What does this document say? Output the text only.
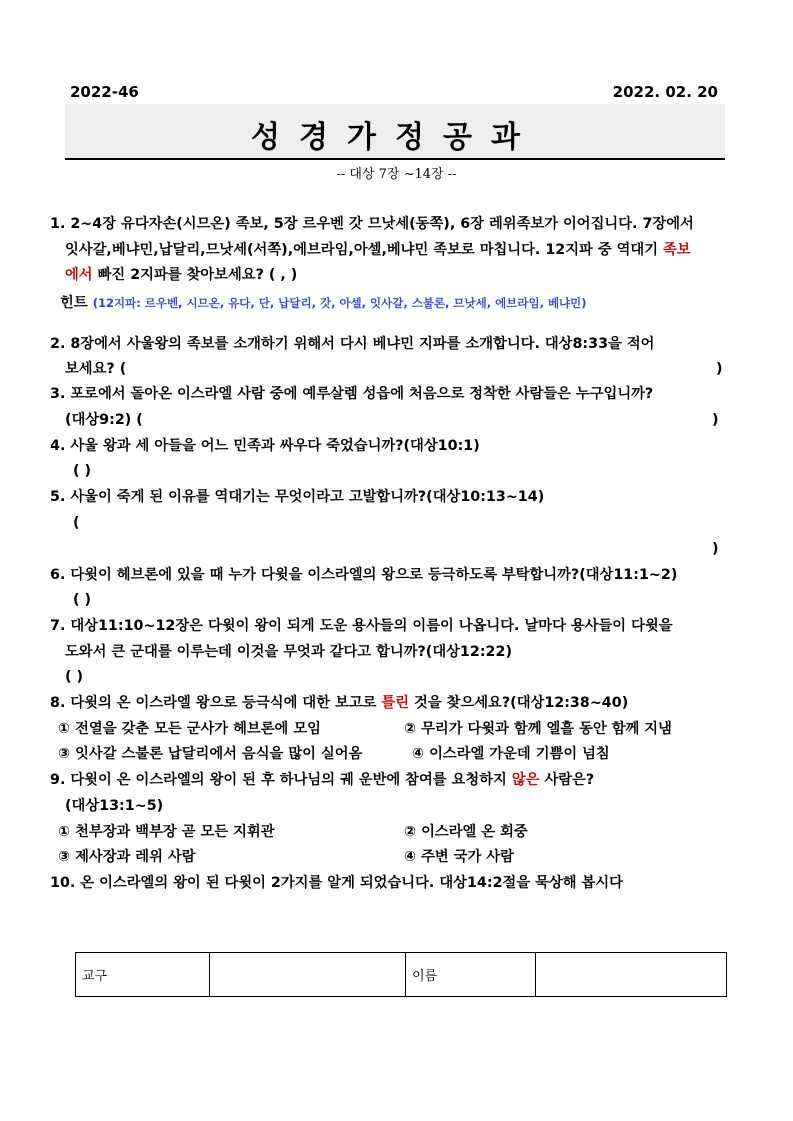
2022-46	2022. 02. 20
성경가정공과
-- 대상 7장 ~14장 --
1. 2~4장 유다자손(시므온) 족보, 5장 르우벤 갓 므낫세(동쪽), 6장 레위족보가 이어집니다. 7장에서
잇사갈,베냐민,납달리,므낫세(서쪽),에브라임,아셀,베냐민 족보로 마칩니다. 12지파 중 역대기 족보
에서 빠진 2지파를 찾아보세요? ( , )
힌트 (12지파: 르우벤, 시므온, 유다, 단, 납달리, 갓, 아셀, 잇사갈, 스불론, 므낫세, 에브라임, 베냐민)
2. 8장에서 사울왕의 족보를 소개하기 위해서 다시 베냐민 지파를 소개합니다. 대상8:33을 적어
보세요? (	)
3. 포로에서 돌아온 이스라엘 사람 중에 예루살렘 성읍에 처음으로 정착한 사람들은 누구입니까?
(대상9:2) (	)
4. 사울 왕과 세 아들을 어느 민족과 싸우다 죽었습니까?(대상10:1)
( )
5. 사울이 죽게 된 이유를 역대기는 무엇이라고 고발합니까?(대상10:13~14)
(
)
6. 다윗이 헤브론에 있을 때 누가 다윗을 이스라엘의 왕으로 등극하도록 부탁합니까?(대상11:1~2)
( )
7. 대상11:10~12장은 다윗이 왕이 되게 도운 용사들의 이름이 나옵니다. 날마다 용사들이 다윗을
도와서 큰 군대를 이루는데 이것을 무엇과 같다고 합니까?(대상12:22)
( )
8. 다윗의 온 이스라엘 왕으로 등극식에 대한 보고로 틀린 것을 찾으세요?(대상12:38~40)
① 전열을 갖춘 모든 군사가 헤브론에 모임	② 무리가 다윗과 함께 엘흘 동안 함께 지냄
③ 잇사갈 스불론 납달리에서 음식을 많이 실어옴	④ 이스라엘 가운데 기쁨이 넘침
9. 다윗이 온 이스라엘의 왕이 된 후 하나님의 궤 운반에 참여를 요청하지 않은 사람은?
(대상13:1~5)
① 천부장과 백부장 곧 모든 지휘관	② 이스라엘 온 회중
③ 제사장과 레위 사람	④ 주변 국가 사람
10. 온 이스라엘의 왕이 된 다윗이 2가지를 알게 되었습니다. 대상14:2절을 묵상해 봅시다
교구		이름	
